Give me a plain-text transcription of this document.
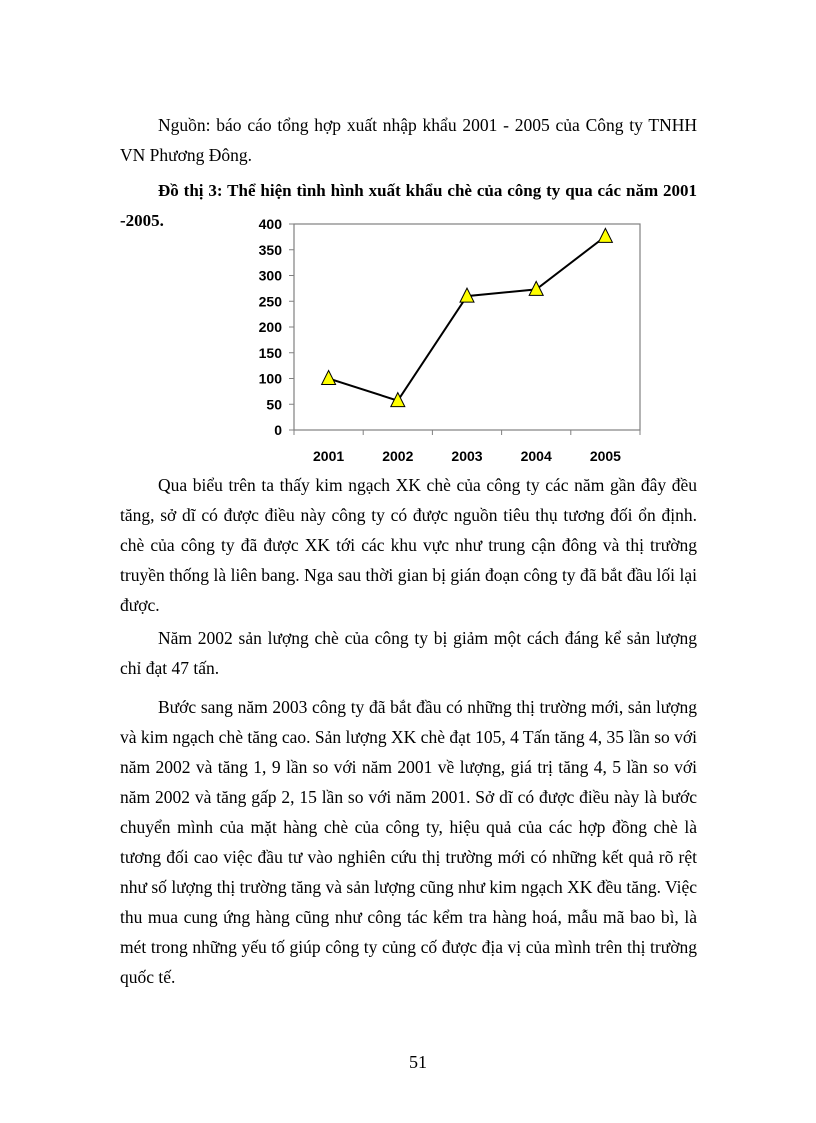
Nguồn: báo cáo tổng hợp xuất nhập khẩu 2001 - 2005 của Công ty TNHH VN Phương Đông.

Đồ thị 3: Thể hiện tình hình xuất khẩu chè của công ty qua các năm 2001 -2005.

0
50
100
150
200
250
300
350
400
2001	2002	2003	2004	2005

Qua biểu trên ta thấy kim ngạch XK chè của công ty các năm gần đây đều tăng, sở dĩ có được điều này công ty có được nguồn tiêu thụ tương đối ổn định. chè của công ty đã được XK tới các khu vực như trung cận đông và thị trường truyền thống là liên bang. Nga sau thời gian bị gián đoạn công ty đã bắt đầu lối lại được.

Năm 2002 sản lượng chè của công ty bị giảm một cách đáng kể sản lượng chỉ đạt 47 tấn.

Bước sang năm 2003 công ty đã bắt đầu có những thị trường mới, sản lượng và kim ngạch chè tăng cao. Sản lượng XK chè đạt 105, 4 Tấn tăng 4, 35 lần so với năm 2002 và tăng 1, 9 lần so với năm 2001 về lượng, giá trị tăng 4, 5 lần so với năm 2002 và tăng gấp 2, 15 lần so với năm 2001. Sở dĩ có được điều này là bước chuyển mình của mặt hàng chè của công ty, hiệu quả của các hợp đồng chè là tương đối cao việc đầu tư vào nghiên cứu thị trường mới có những kết quả rõ rệt như số lượng thị trường tăng và sản lượng cũng như kim ngạch XK đều tăng. Việc thu mua cung ứng hàng cũng như công tác kểm tra hàng hoá, mẫu mã bao bì, là mét trong những yếu tố giúp công ty củng cố được địa vị của mình trên thị trường quốc tế.

51
